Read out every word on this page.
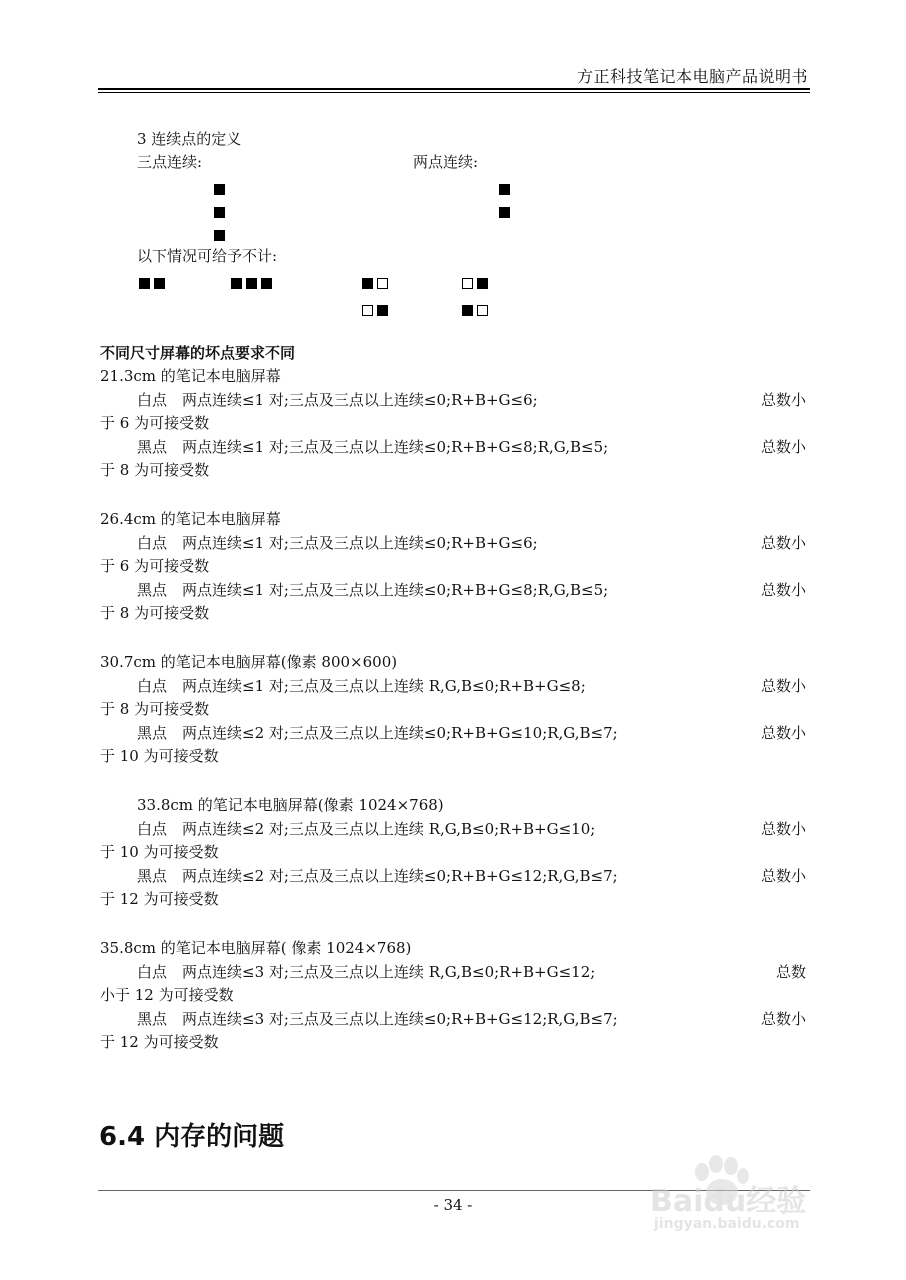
方正科技笔记本电脑产品说明书
3 连续点的定义
三点连续:	两点连续:
以下情况可给予不计:
不同尺寸屏幕的坏点要求不同
21.3cm 的笔记本电脑屏幕
白点　两点连续≤1 对;三点及三点以上连续≤0;R+B+G≤6;	总数小
于 6 为可接受数
黑点　两点连续≤1 对;三点及三点以上连续≤0;R+B+G≤8;R,G,B≤5;	总数小
于 8 为可接受数
26.4cm 的笔记本电脑屏幕
白点　两点连续≤1 对;三点及三点以上连续≤0;R+B+G≤6;	总数小
于 6 为可接受数
黑点　两点连续≤1 对;三点及三点以上连续≤0;R+B+G≤8;R,G,B≤5;	总数小
于 8 为可接受数
30.7cm 的笔记本电脑屏幕(像素 800×600)
白点　两点连续≤1 对;三点及三点以上连续 R,G,B≤0;R+B+G≤8;	总数小
于 8 为可接受数
黑点　两点连续≤2 对;三点及三点以上连续≤0;R+B+G≤10;R,G,B≤7;	总数小
于 10 为可接受数
33.8cm 的笔记本电脑屏幕(像素 1024×768)
白点　两点连续≤2 对;三点及三点以上连续 R,G,B≤0;R+B+G≤10;	总数小
于 10 为可接受数
黑点　两点连续≤2 对;三点及三点以上连续≤0;R+B+G≤12;R,G,B≤7;	总数小
于 12 为可接受数
35.8cm 的笔记本电脑屏幕( 像素 1024×768)
白点　两点连续≤3 对;三点及三点以上连续 R,G,B≤0;R+B+G≤12;	总数
小于 12 为可接受数
黑点　两点连续≤3 对;三点及三点以上连续≤0;R+B+G≤12;R,G,B≤7;	总数小
于 12 为可接受数
6.4 内存的问题
- 34 -	Baidu经验
jingyan.baidu.com
